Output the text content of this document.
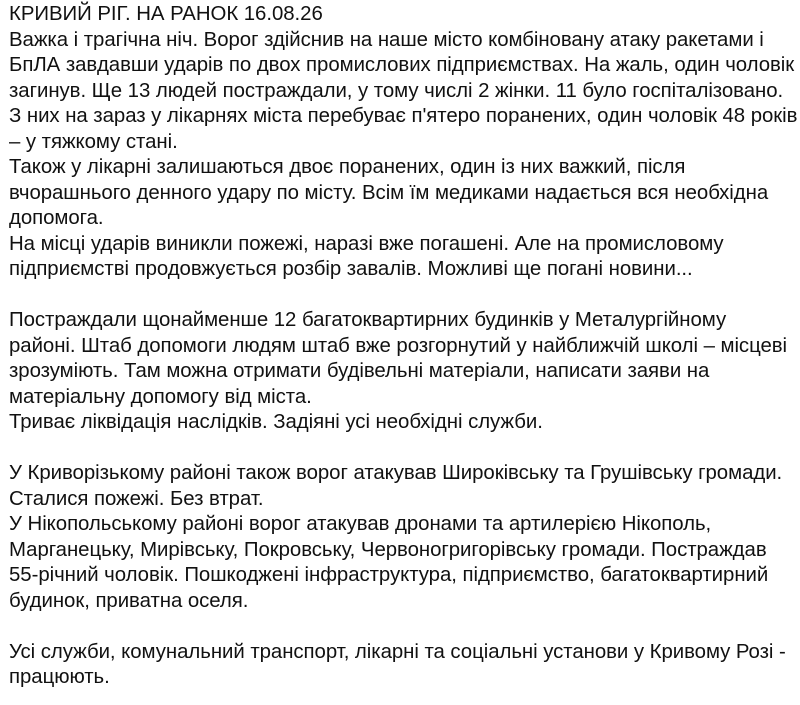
КРИВИЙ РІГ. НА РАНОК 16.08.26
Важка і трагічна ніч. Ворог здійснив на наше місто комбіновану атаку ракетами і
БпЛА завдавши ударів по двох промислових підприємствах. На жаль, один чоловік
загинув. Ще 13 людей постраждали, у тому числі 2 жінки. 11 було госпіталізовано.
З них на зараз у лікарнях міста перебуває п'ятеро поранених, один чоловік 48 років
– у тяжкому стані.
Також у лікарні залишаються двоє поранених, один із них важкий, після
вчорашнього денного удару по місту. Всім їм медиками надається вся необхідна
допомога.
На місці ударів виникли пожежі, наразі вже погашені. Але на промисловому
підприємстві продовжується розбір завалів. Можливі ще погані новини...
Постраждали щонайменше 12 багатоквартирних будинків у Металургійному
районі. Штаб допомоги людям штаб вже розгорнутий у найближчій школі – місцеві
зрозуміють. Там можна отримати будівельні матеріали, написати заяви на
матеріальну допомогу від міста.
Триває ліквідація наслідків. Задіяні усі необхідні служби.
У Криворізькому районі також ворог атакував Широківську та Грушівську громади.
Сталися пожежі. Без втрат.
У Нікопольському районі ворог атакував дронами та артилерією Нікополь,
Марганецьку, Мирівську, Покровську, Червоногригорівську громади. Постраждав
55-річний чоловік. Пошкоджені інфраструктура, підприємство, багатоквартирний
будинок, приватна оселя.
Усі служби, комунальний транспорт, лікарні та соціальні установи у Кривому Розі -
працюють.
